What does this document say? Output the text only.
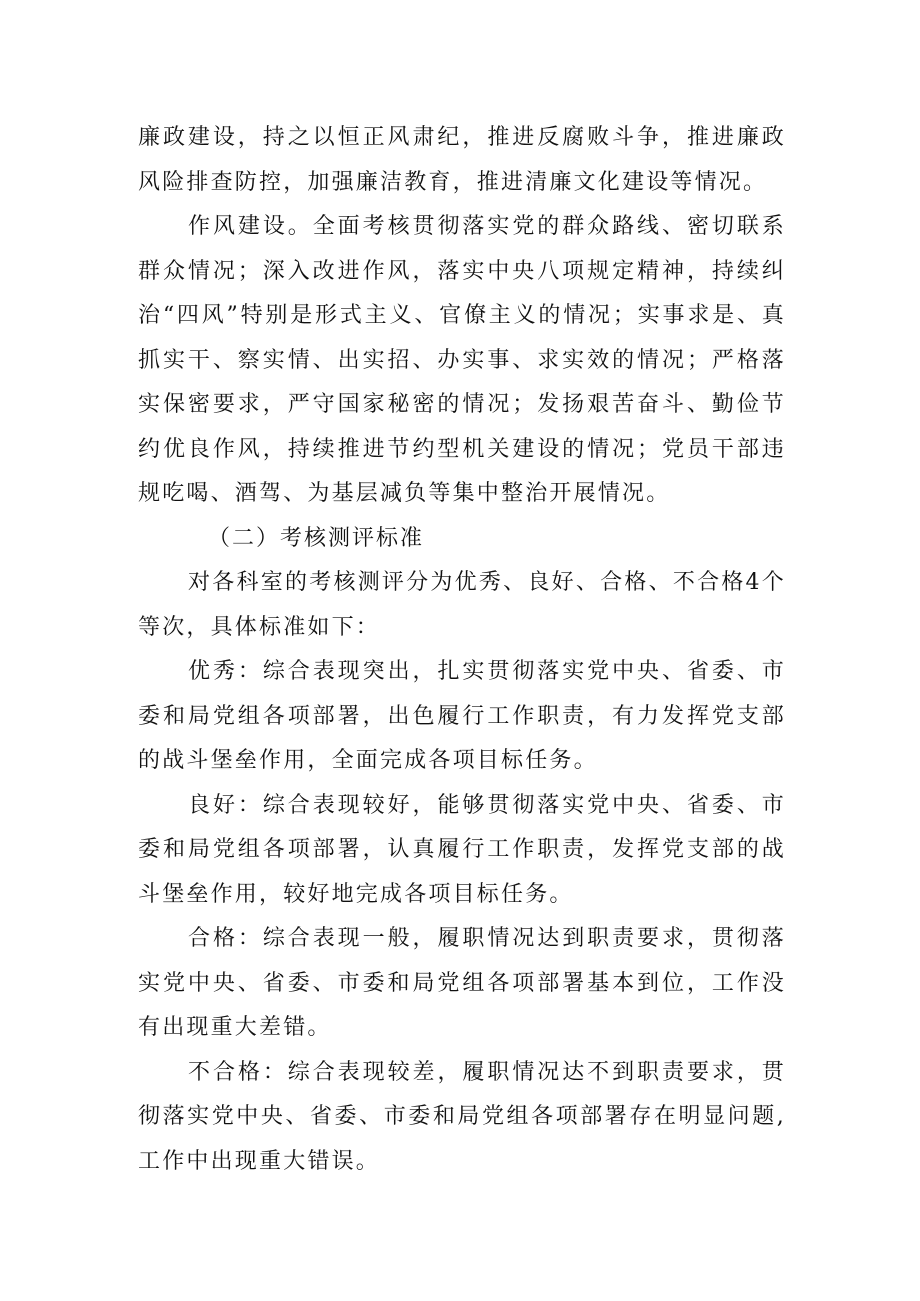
廉政建设，持之以恒正风肃纪，推进反腐败斗争，推进廉政风险排查防控，加强廉洁教育，推进清廉文化建设等情况。

作风建设。全面考核贯彻落实党的群众路线、密切联系群众情况；深入改进作风，落实中央八项规定精神，持续纠治“四风”特别是形式主义、官僚主义的情况；实事求是、真抓实干、察实情、出实招、办实事、求实效的情况；严格落实保密要求，严守国家秘密的情况；发扬艰苦奋斗、勤俭节约优良作风，持续推进节约型机关建设的情况；党员干部违规吃喝、酒驾、为基层减负等集中整治开展情况。

（二）考核测评标准

对各科室的考核测评分为优秀、良好、合格、不合格4个等次，具体标准如下：

优秀：综合表现突出，扎实贯彻落实党中央、省委、市委和局党组各项部署，出色履行工作职责，有力发挥党支部的战斗堡垒作用，全面完成各项目标任务。

良好：综合表现较好，能够贯彻落实党中央、省委、市委和局党组各项部署，认真履行工作职责，发挥党支部的战斗堡垒作用，较好地完成各项目标任务。

合格：综合表现一般，履职情况达到职责要求，贯彻落实党中央、省委、市委和局党组各项部署基本到位，工作没有出现重大差错。

不合格：综合表现较差，履职情况达不到职责要求，贯彻落实党中央、省委、市委和局党组各项部署存在明显问题,工作中出现重大错误。
